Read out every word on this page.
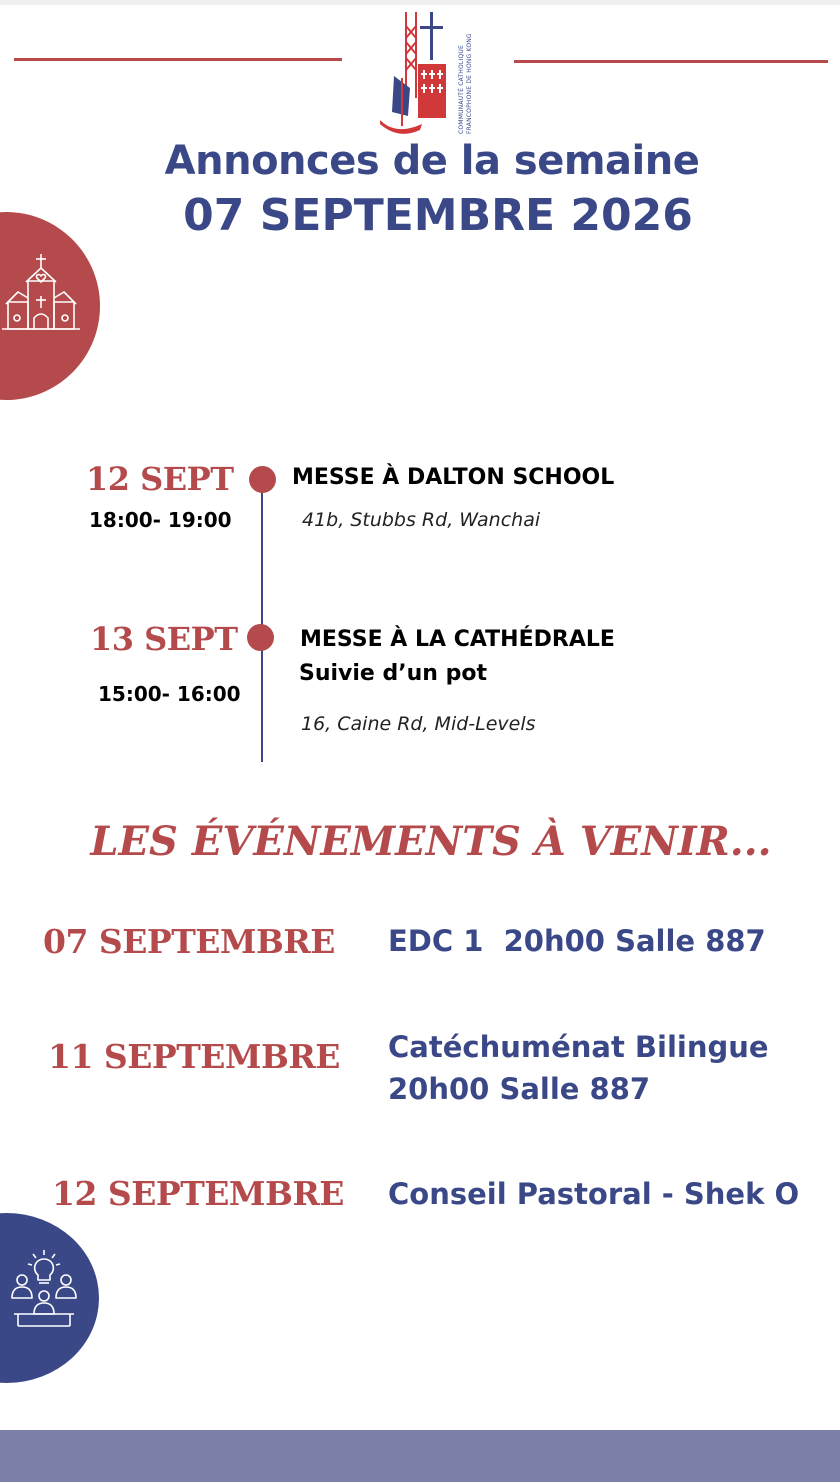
COMMUNAUTÉ CATHOLIQUE FRANCOPHONE DE HONG KONG
Annonces de la semaine
07 SEPTEMBRE 2026
12 SEPT
18:00- 19:00
MESSE À DALTON SCHOOL
41b, Stubbs Rd, Wanchai
13 SEPT
15:00- 16:00
MESSE À LA CATHÉDRALE
Suivie d’un pot
16, Caine Rd, Mid-Levels
LES ÉVÉNEMENTS À VENIR...
07 SEPTEMBRE EDC 1  20h00 Salle 887
11 SEPTEMBRE Catéchuménat Bilingue
20h00 Salle 887
12 SEPTEMBRE Conseil Pastoral - Shek O
